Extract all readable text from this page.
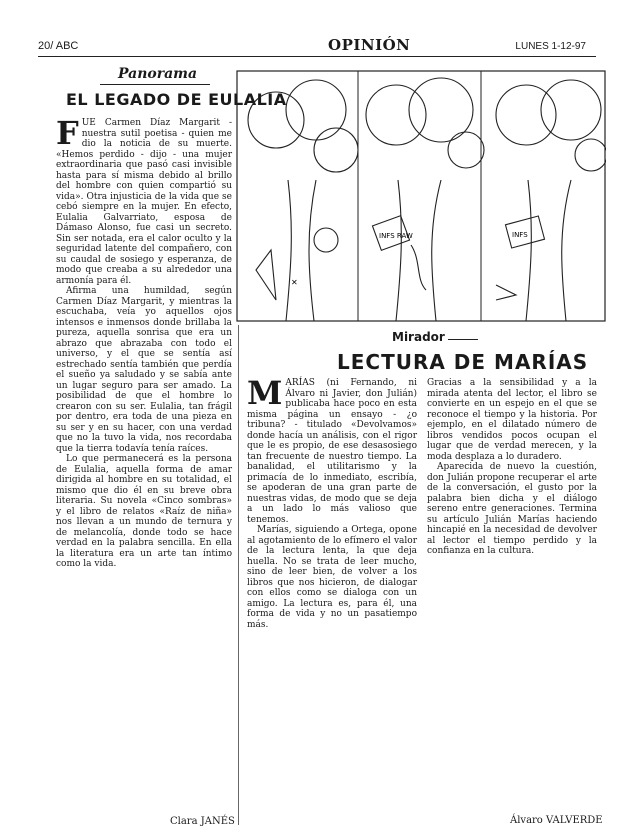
20/ ABC	OPINIÓN	LUNES 1-12-97
Panorama
EL LEGADO DE EULALIA

FUE Carmen Díaz Margarit - nuestra sutil poetisa - quien me dio la noticia de su muerte. «Hemos perdido - dijo - una mujer extraordinaria que pasó casi invisible hasta para sí misma debido al brillo del hombre con quien compartió su vida». Otra injusticia de la vida que se cebó siempre en la mujer. En efecto, Eulalia Galvarriato, esposa de Dámaso Alonso, fue casi un secreto. Sin ser notada, era el calor oculto y la seguridad latente del compañero, con su caudal de sosiego y esperanza, de modo que creaba a su alrededor una armonía para él.

Afirma una humildad, según Carmen Díaz Margarit, y mientras la escuchaba, veía yo aquellos ojos intensos e inmensos donde brillaba la pureza, aquella sonrisa que era un abrazo que abrazaba con todo el universo, y el que se sentía así estrechado sentía también que perdía el sueño ya saludado y se sabía ante un lugar seguro para ser amado. La posibilidad de que el hombre lo crearon con su ser. Eulalia, tan frágil por dentro, era toda de una pieza en su ser y en su hacer, con una verdad que no la tuvo la vida, nos recordaba que la tierra todavía tenía raíces.

Lo que permanecerá es la persona de Eulalia, aquella forma de amar dirigida al hombre en su totalidad, el mismo que dio él en su breve obra literaria. Su novela «Cinco sombras» y el libro de relatos «Raíz de niña» nos llevan a un mundo de ternura y de melancolía, donde todo se hace verdad en la palabra sencilla. En ella la literatura era un arte tan íntimo como la vida.

Clara JANÉS
✕
INFS RAW	INFS
Mirador
LECTURA DE MARÍAS

MARÍAS (ni Fernando, ni Álvaro ni Javier, don Julián) publicaba hace poco en esta misma página un ensayo - ¿o tribuna? - titulado «Devolvamos» donde hacía un análisis, con el rigor que le es propio, de ese desasosiego tan frecuente de nuestro tiempo. La banalidad, el utilitarismo y la primacía de lo inmediato, escribía, se apoderan de una gran parte de nuestras vidas, de modo que se deja a un lado lo más valioso que tenemos.

Marías, siguiendo a Ortega, opone al agotamiento de lo efímero el valor de la lectura lenta, la que deja huella. No se trata de leer mucho, sino de leer bien, de volver a los libros que nos hicieron, de dialogar con ellos como se dialoga con un amigo. La lectura es, para él, una forma de vida y no un pasatiempo más.

Gracias a la sensibilidad y a la mirada atenta del lector, el libro se convierte en un espejo en el que se reconoce el tiempo y la historia. Por ejemplo, en el dilatado número de libros vendidos pocos ocupan el lugar que de verdad merecen, y la moda desplaza a lo duradero.

Aparecida de nuevo la cuestión, don Julián propone recuperar el arte de la conversación, el gusto por la palabra bien dicha y el diálogo sereno entre generaciones. Termina su artículo Julián Marías haciendo hincapié en la necesidad de devolver al lector el tiempo perdido y la confianza en la cultura.

Álvaro VALVERDE
